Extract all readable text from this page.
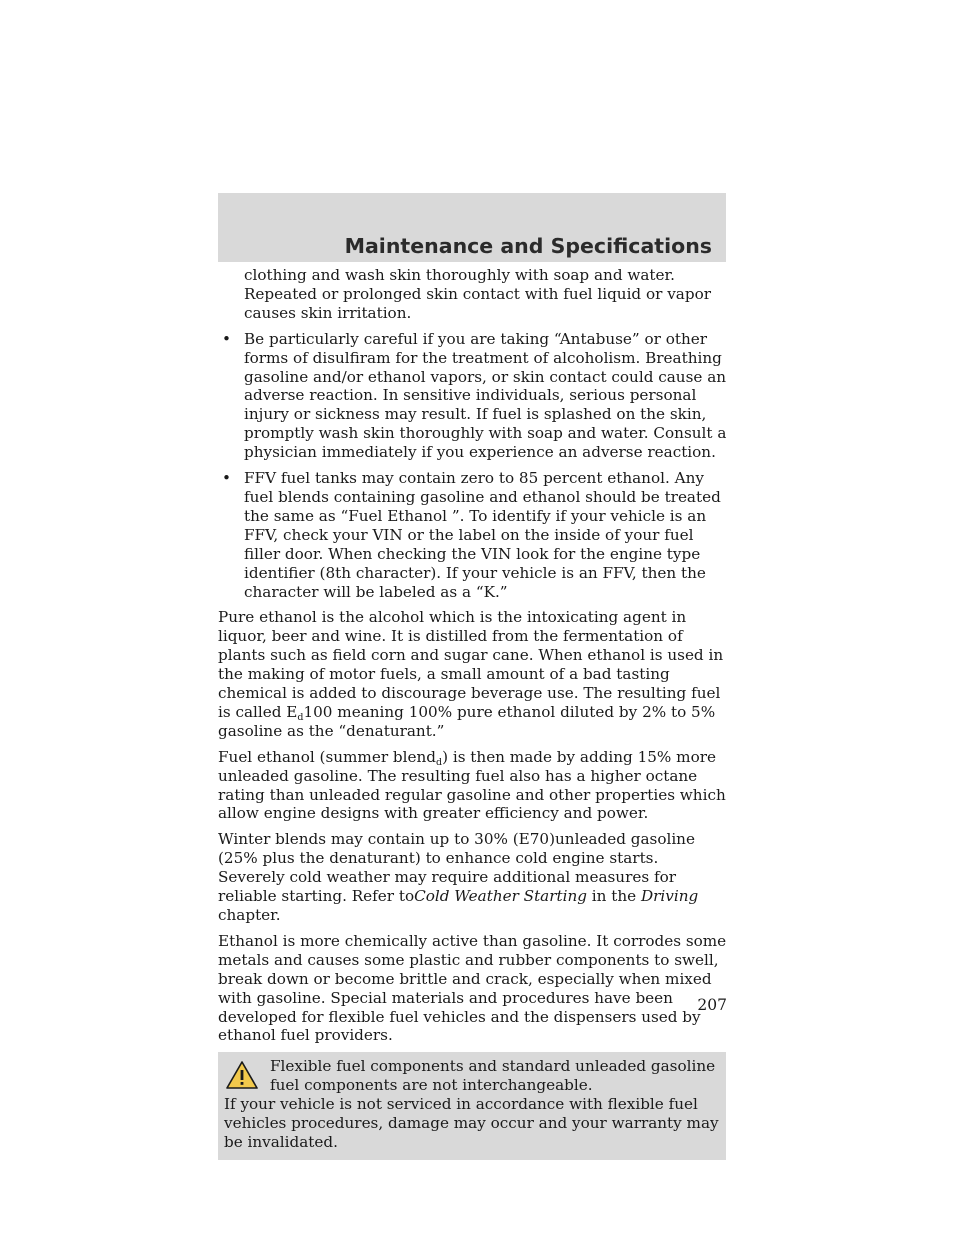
Maintenance and Specifications

clothing and wash skin thoroughly with soap and water. Repeated or prolonged skin contact with fuel liquid or vapor causes skin irritation.

• Be particularly careful if you are taking “Antabuse” or other forms of disulfiram for the treatment of alcoholism. Breathing gasoline and/or ethanol vapors, or skin contact could cause an adverse reaction. In sensitive individuals, serious personal injury or sickness may result. If fuel is splashed on the skin, promptly wash skin thoroughly with soap and water. Consult a physician immediately if you experience an adverse reaction.
• FFV fuel tanks may contain zero to 85 percent ethanol. Any fuel blends containing gasoline and ethanol should be treated the same as “Fuel Ethanol ”. To identify if your vehicle is an FFV, check your VIN or the label on the inside of your fuel filler door. When checking the VIN look for the engine type identifier (8th character). If your vehicle is an FFV, then the character will be labeled as a “K.”

Pure ethanol is the alcohol which is the intoxicating agent in liquor, beer and wine. It is distilled from the fermentation of plants such as field corn and sugar cane. When ethanol is used in the making of motor fuels, a small amount of a bad tasting chemical is added to discourage beverage use. The resulting fuel is called $E_d100$ meaning 100% pure ethanol diluted by 2% to 5% gasoline as the “denaturant.”

Fuel ethanol (summer blend$_d$) is then made by adding 15% more unleaded gasoline. The resulting fuel also has a higher octane rating than unleaded regular gasoline and other properties which allow engine designs with greater efficiency and power.

Winter blends may contain up to 30% (E70)unleaded gasoline (25% plus the denaturant) to enhance cold engine starts. Severely cold weather may require additional measures for reliable starting. Refer toCold Weather Starting in the Driving chapter.

Ethanol is more chemically active than gasoline. It corrodes some metals and causes some plastic and rubber components to swell, break down or become brittle and crack, especially when mixed with gasoline. Special materials and procedures have been developed for flexible fuel vehicles and the dispensers used by ethanol fuel providers.

Flexible fuel components and standard unleaded gasoline fuel components are not interchangeable.
If your vehicle is not serviced in accordance with flexible fuel vehicles procedures, damage may occur and your warranty may be invalidated.
207
